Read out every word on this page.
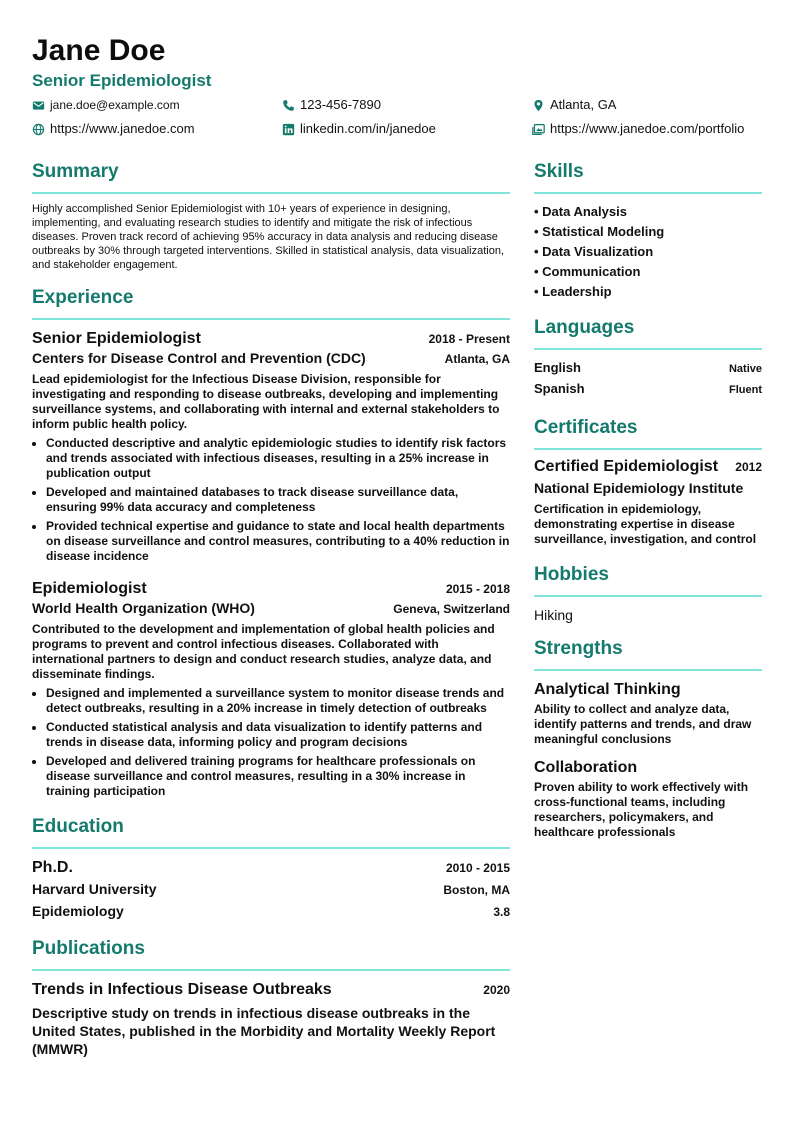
Jane Doe
Senior Epidemiologist
jane.doe@example.com	123-456-7890	Atlanta, GA
https://www.janedoe.com	linkedin.com/in/janedoe	https://www.janedoe.com/portfolio
Summary
Highly accomplished Senior Epidemiologist with 10+ years of experience in designing, implementing, and evaluating research studies to identify and mitigate the risk of infectious diseases. Proven track record of achieving 95% accuracy in data analysis and reducing disease outbreaks by 30% through targeted interventions. Skilled in statistical analysis, data visualization, and stakeholder engagement.
Experience
Senior Epidemiologist	2018 - Present
Centers for Disease Control and Prevention (CDC)	Atlanta, GA
Lead epidemiologist for the Infectious Disease Division, responsible for investigating and responding to disease outbreaks, developing and implementing surveillance systems, and collaborating with internal and external stakeholders to inform public health policy.
• Conducted descriptive and analytic epidemiologic studies to identify risk factors and trends associated with infectious diseases, resulting in a 25% increase in publication output
• Developed and maintained databases to track disease surveillance data, ensuring 99% data accuracy and completeness
• Provided technical expertise and guidance to state and local health departments on disease surveillance and control measures, contributing to a 40% reduction in disease incidence
Epidemiologist	2015 - 2018
World Health Organization (WHO)	Geneva, Switzerland
Contributed to the development and implementation of global health policies and programs to prevent and control infectious diseases. Collaborated with international partners to design and conduct research studies, analyze data, and disseminate findings.
• Designed and implemented a surveillance system to monitor disease trends and detect outbreaks, resulting in a 20% increase in timely detection of outbreaks
• Conducted statistical analysis and data visualization to identify patterns and trends in disease data, informing policy and program decisions
• Developed and delivered training programs for healthcare professionals on disease surveillance and control measures, resulting in a 30% increase in training participation
Education
Ph.D.	2010 - 2015
Harvard University	Boston, MA
Epidemiology	3.8
Publications
Trends in Infectious Disease Outbreaks	2020
Descriptive study on trends in infectious disease outbreaks in the United States, published in the Morbidity and Mortality Weekly Report (MMWR)
Skills
• Data Analysis
• Statistical Modeling
• Data Visualization
• Communication
• Leadership
Languages
English	Native
Spanish	Fluent
Certificates
Certified Epidemiologist 2012
National Epidemiology Institute
Certification in epidemiology, demonstrating expertise in disease surveillance, investigation, and control
Hobbies
Hiking
Strengths
Analytical Thinking
Ability to collect and analyze data, identify patterns and trends, and draw meaningful conclusions
Collaboration
Proven ability to work effectively with cross-functional teams, including researchers, policymakers, and healthcare professionals
